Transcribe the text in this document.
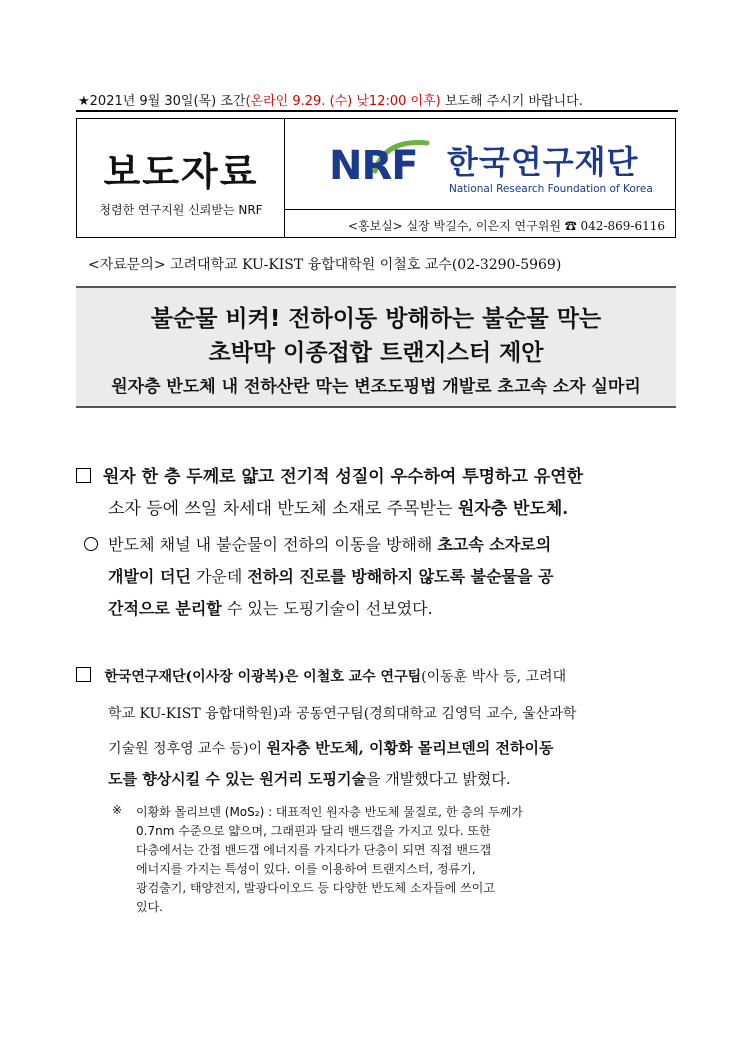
★2021년 9월 30일(목) 조간(온라인 9.29. (수) 낮12:00 이후) 보도해 주시기 바랍니다.
보도자료
청렴한 연구지원 신뢰받는 NRF
NRF 한국연구재단
National Research Foundation of Korea
<홍보실> 실장 박길수, 이은지 연구위원 ☎ 042-869-6116
<자료문의> 고려대학교 KU-KIST 융합대학원 이철호 교수(02-3290-5969)
불순물 비켜! 전하이동 방해하는 불순물 막는
초박막 이종접합 트랜지스터 제안
원자층 반도체 내 전하산란 막는 변조도핑법 개발로 초고속 소자 실마리
원자 한 층 두께로 얇고 전기적 성질이 우수하여 투명하고 유연한
소자 등에 쓰일 차세대 반도체 소재로 주목받는 원자층 반도체.
반도체 채널 내 불순물이 전하의 이동을 방해해 초고속 소자로의
개발이 더딘 가운데 전하의 진로를 방해하지 않도록 불순물을 공
간적으로 분리할 수 있는 도핑기술이 선보였다.
한국연구재단(이사장 이광복)은 이철호 교수 연구팀(이동훈 박사 등, 고려대
학교 KU-KIST 융합대학원)과 공동연구팀(경희대학교 김영덕 교수, 울산과학
기술원 정후영 교수 등)이 원자층 반도체, 이황화 몰리브덴의 전하이동
도를 향상시킬 수 있는 원거리 도핑기술을 개발했다고 밝혔다.
※ 이황화 몰리브덴 (MoS₂) : 대표적인 원자층 반도체 물질로, 한 층의 두께가
0.7nm 수준으로 얇으며, 그래핀과 달리 밴드갭을 가지고 있다. 또한
다층에서는 간접 밴드갭 에너지를 가지다가 단층이 되면 직접 밴드갭
에너지를 가지는 특성이 있다. 이를 이용하여 트랜지스터, 정류기,
광검출기, 태양전지, 발광다이오드 등 다양한 반도체 소자들에 쓰이고
있다.
